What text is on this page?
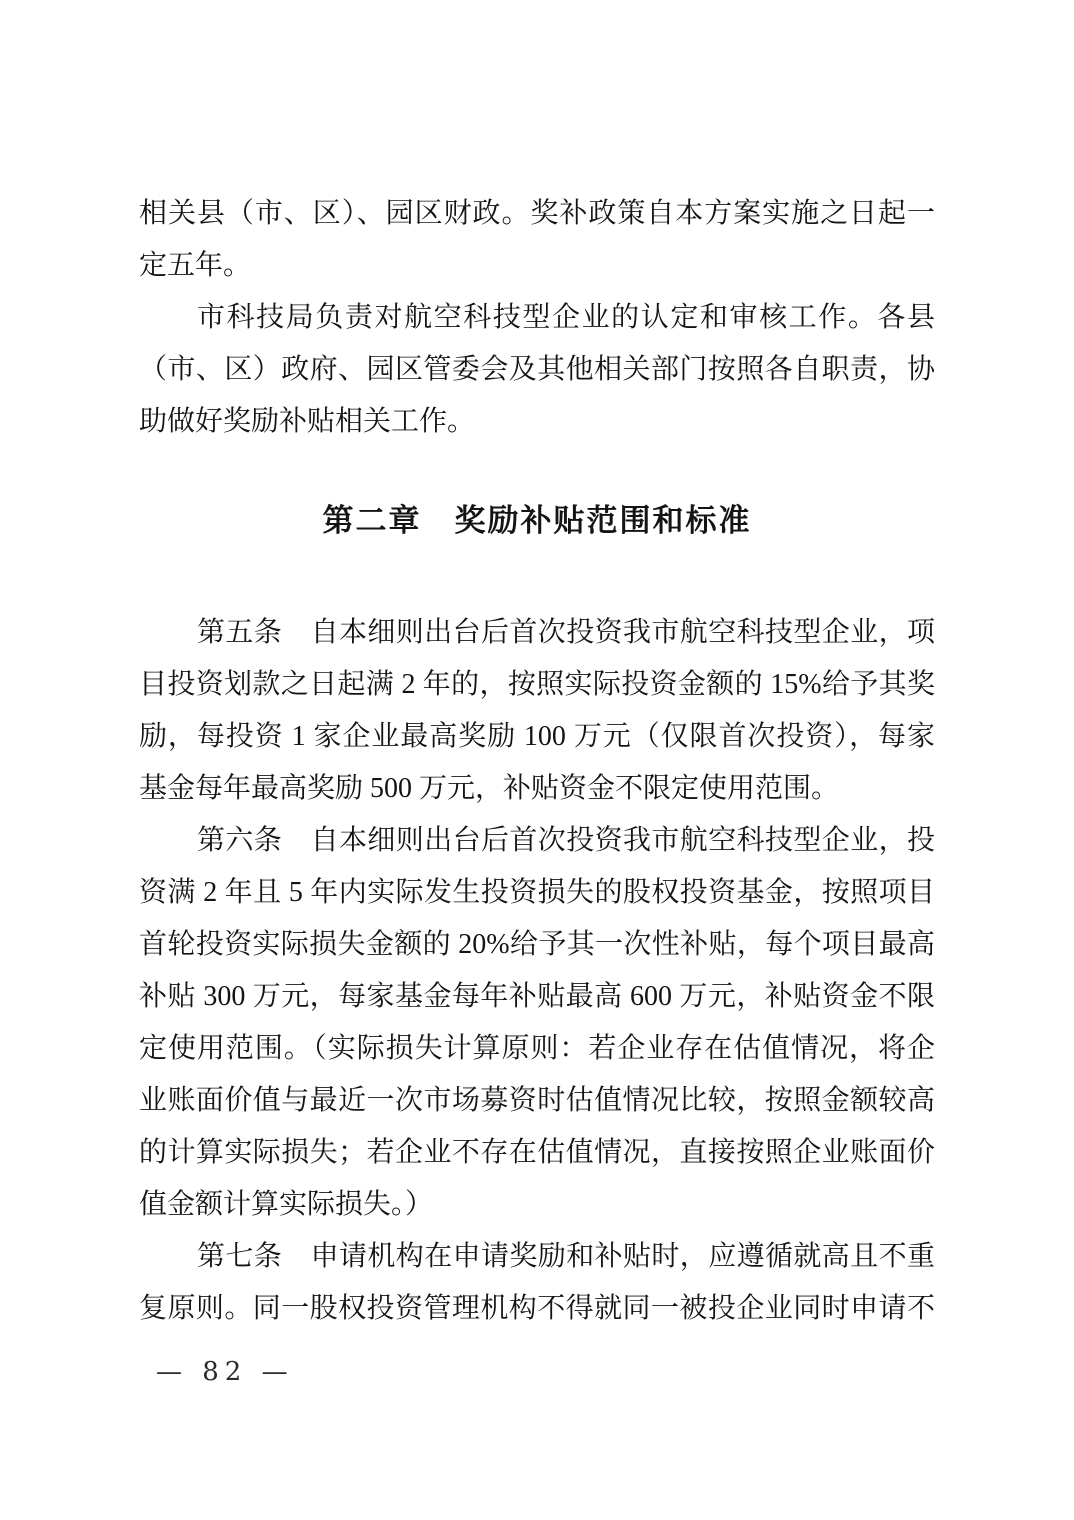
相关县（市、区）、园区财政。奖补政策自本方案实施之日起一
定五年。
市科技局负责对航空科技型企业的认定和审核工作。各县
（市、区）政府、园区管委会及其他相关部门按照各自职责，协
助做好奖励补贴相关工作。
第二章　奖励补贴范围和标准
第五条　自本细则出台后首次投资我市航空科技型企业，项
目投资划款之日起满 2 年的，按照实际投资金额的 15%给予其奖
励，每投资 1 家企业最高奖励 100 万元（仅限首次投资），每家
基金每年最高奖励 500 万元，补贴资金不限定使用范围。
第六条　自本细则出台后首次投资我市航空科技型企业，投
资满 2 年且 5 年内实际发生投资损失的股权投资基金，按照项目
首轮投资实际损失金额的 20%给予其一次性补贴，每个项目最高
补贴 300 万元，每家基金每年补贴最高 600 万元，补贴资金不限
定使用范围。（实际损失计算原则：若企业存在估值情况，将企
业账面价值与最近一次市场募资时估值情况比较，按照金额较高
的计算实际损失；若企业不存在估值情况，直接按照企业账面价
值金额计算实际损失。）
第七条　申请机构在申请奖励和补贴时，应遵循就高且不重
复原则。同一股权投资管理机构不得就同一被投企业同时申请不
— 82 —
